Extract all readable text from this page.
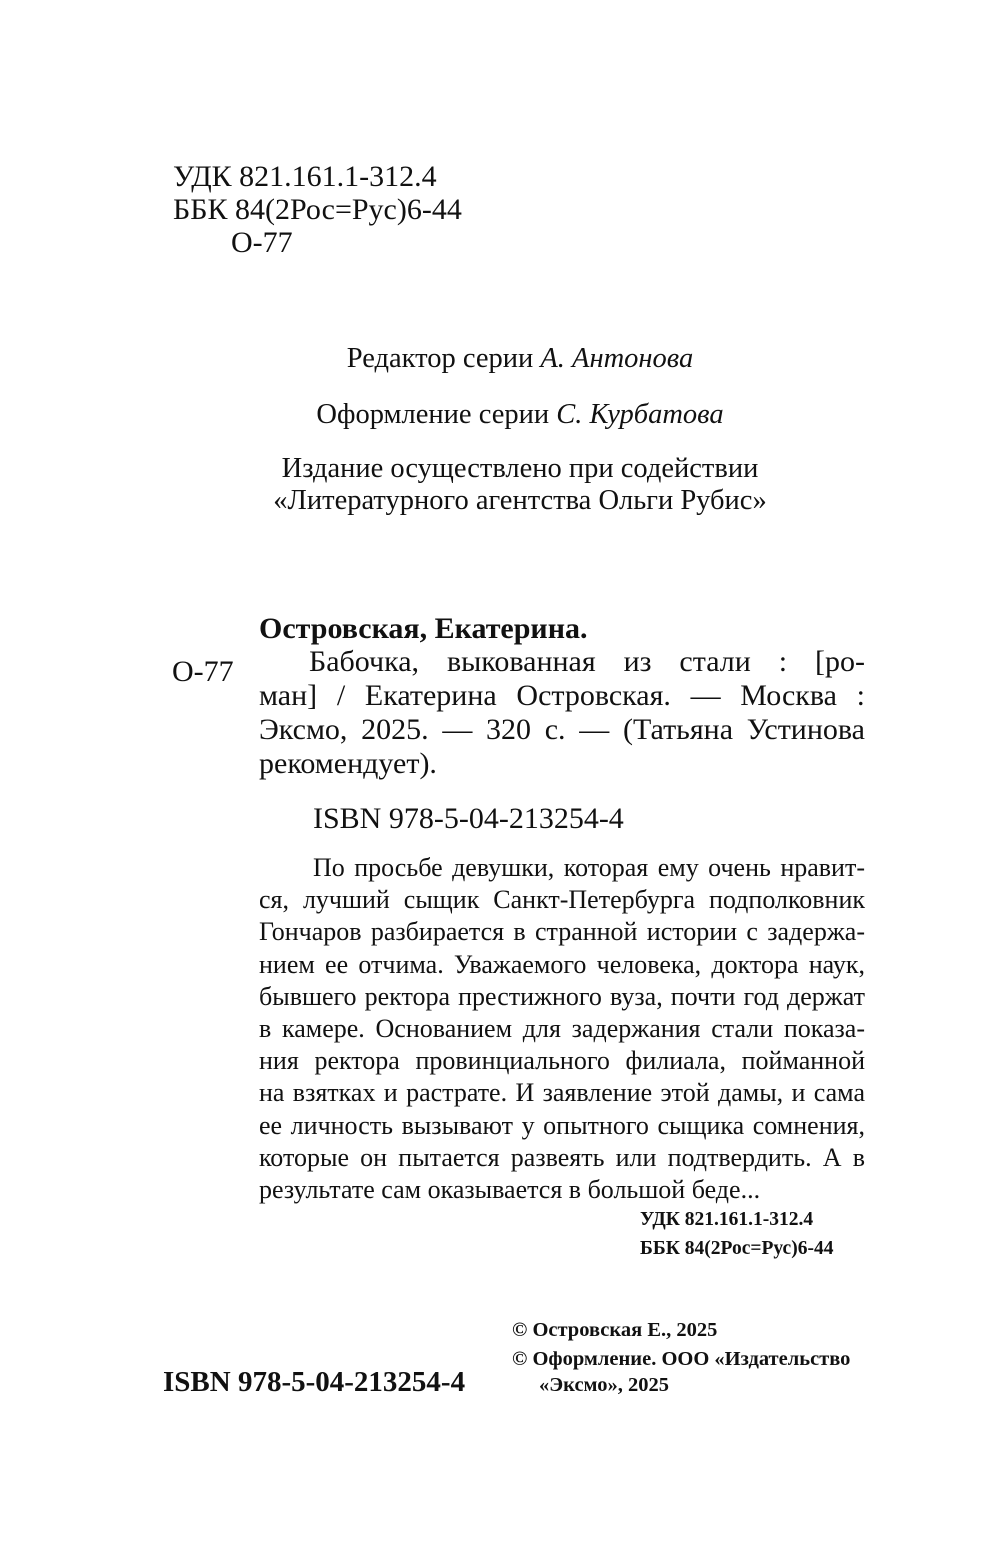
УДК 821.161.1-312.4
ББК 84(2Рос=Рус)6-44
О-77
Редактор серии А. Антонова
Оформление серии С. Курбатова
Издание осуществлено при содействии
«Литературного агентства Ольги Рубис»
Островская, Екатерина.
О-77	Бабочка, выкованная из стали : [ро-
ман] / Екатерина Островская. — Москва :
Эксмо, 2025. — 320 с. — (Татьяна Устинова
рекомендует).
ISBN 978-5-04-213254-4
По просьбе девушки, которая ему очень нравит-
ся, лучший сыщик Санкт-Петербурга подполковник
Гончаров разбирается в странной истории с задержа-
нием ее отчима. Уважаемого человека, доктора наук,
бывшего ректора престижного вуза, почти год держат
в камере. Основанием для задержания стали показа-
ния ректора провинциального филиала, пойманной
на взятках и растрате. И заявление этой дамы, и сама
ее личность вызывают у опытного сыщика сомнения,
которые он пытается развеять или подтвердить. А в
результате сам оказывается в большой беде...
УДК 821.161.1-312.4
ББК 84(2Рос=Рус)6-44
© Островская Е., 2025
© Оформление. ООО «Издательство
«Эксмо», 2025
ISBN 978-5-04-213254-4
